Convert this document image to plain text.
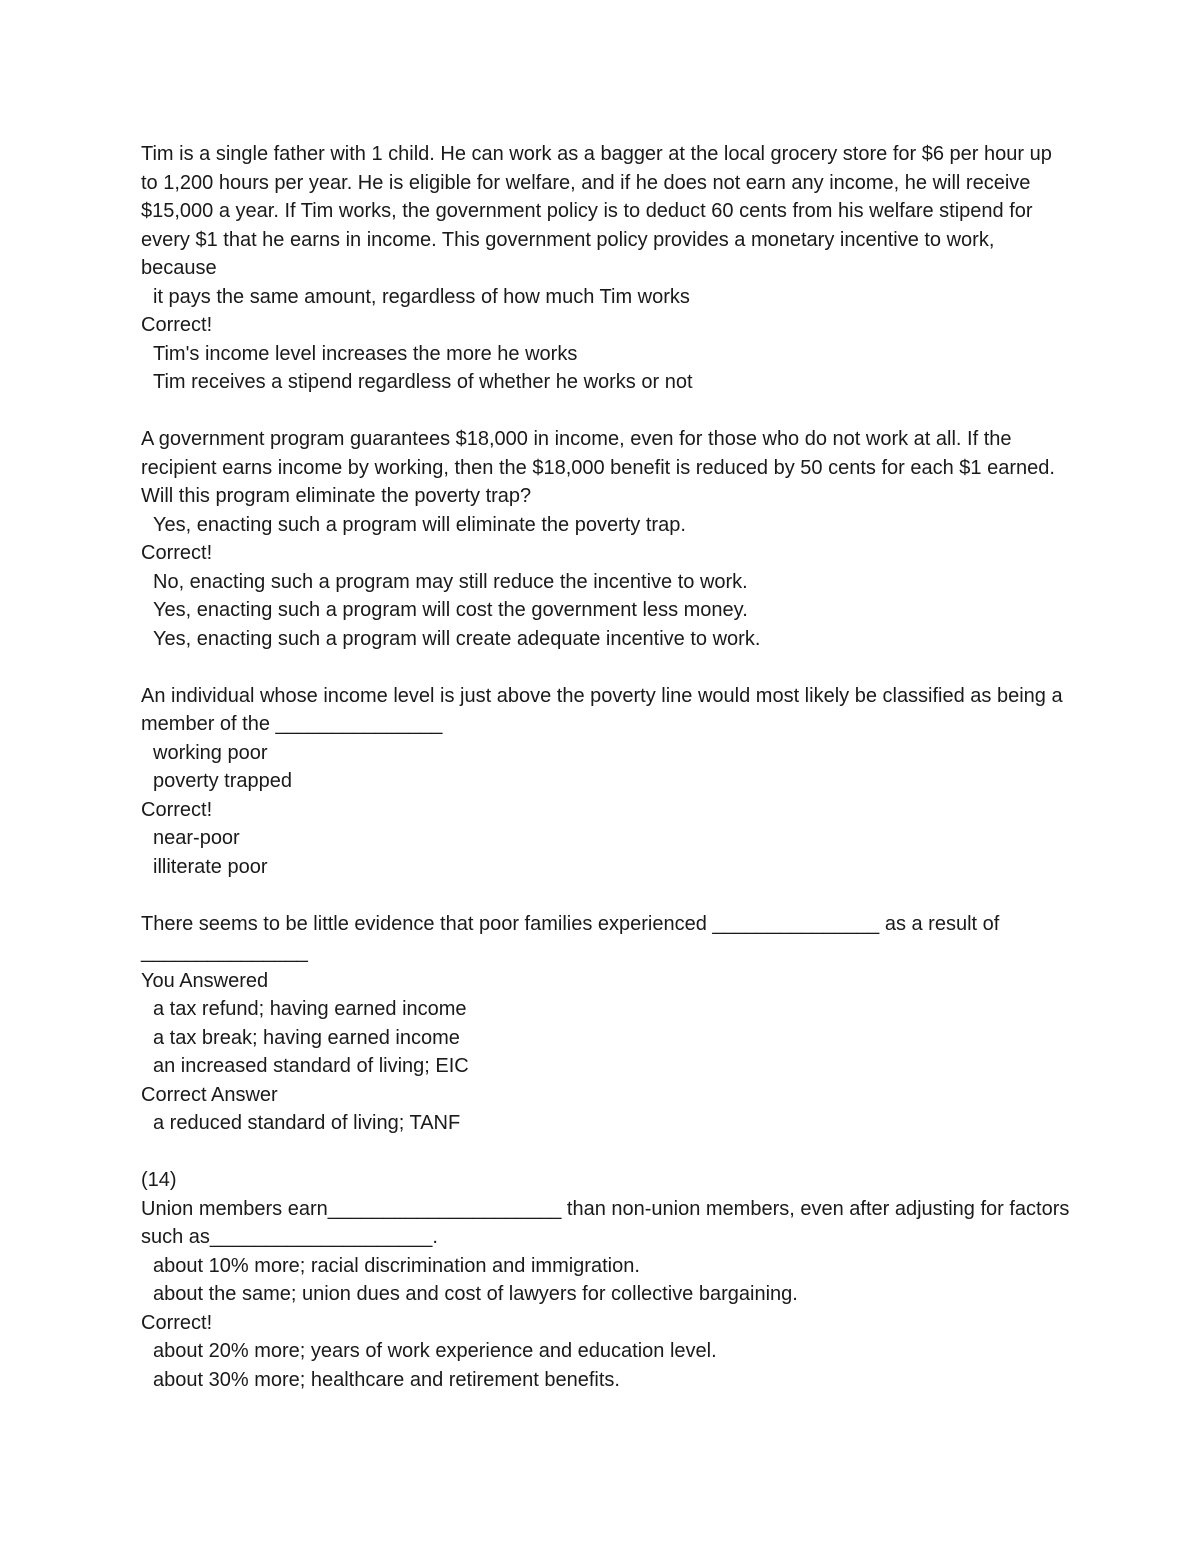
Tim is a single father with 1 child. He can work as a bagger at the local grocery store for $6 per hour up to 1,200 hours per year. He is eligible for welfare, and if he does not earn any income, he will receive $15,000 a year. If Tim works, the government policy is to deduct 60 cents from his welfare stipend for every $1 that he earns in income. This government policy provides a monetary incentive to work, because
it pays the same amount, regardless of how much Tim works
Correct!
Tim's income level increases the more he works
Tim receives a stipend regardless of whether he works or not
A government program guarantees $18,000 in income, even for those who do not work at all. If the recipient earns income by working, then the $18,000 benefit is reduced by 50 cents for each $1 earned. Will this program eliminate the poverty trap?
Yes, enacting such a program will eliminate the poverty trap.
Correct!
No, enacting such a program may still reduce the incentive to work.
Yes, enacting such a program will cost the government less money.
Yes, enacting such a program will create adequate incentive to work.
An individual whose income level is just above the poverty line would most likely be classified as being a member of the _______________
working poor
poverty trapped
Correct!
near-poor
illiterate poor
There seems to be little evidence that poor families experienced _______________ as a result of _______________
You Answered
a tax refund; having earned income
a tax break; having earned income
an increased standard of living; EIC
Correct Answer
a reduced standard of living; TANF
(14)
Union members earn_____________________ than non-union members, even after adjusting for factors such as____________________.
about 10% more; racial discrimination and immigration.
about the same; union dues and cost of lawyers for collective bargaining.
Correct!
about 20% more; years of work experience and education level.
about 30% more; healthcare and retirement benefits.
